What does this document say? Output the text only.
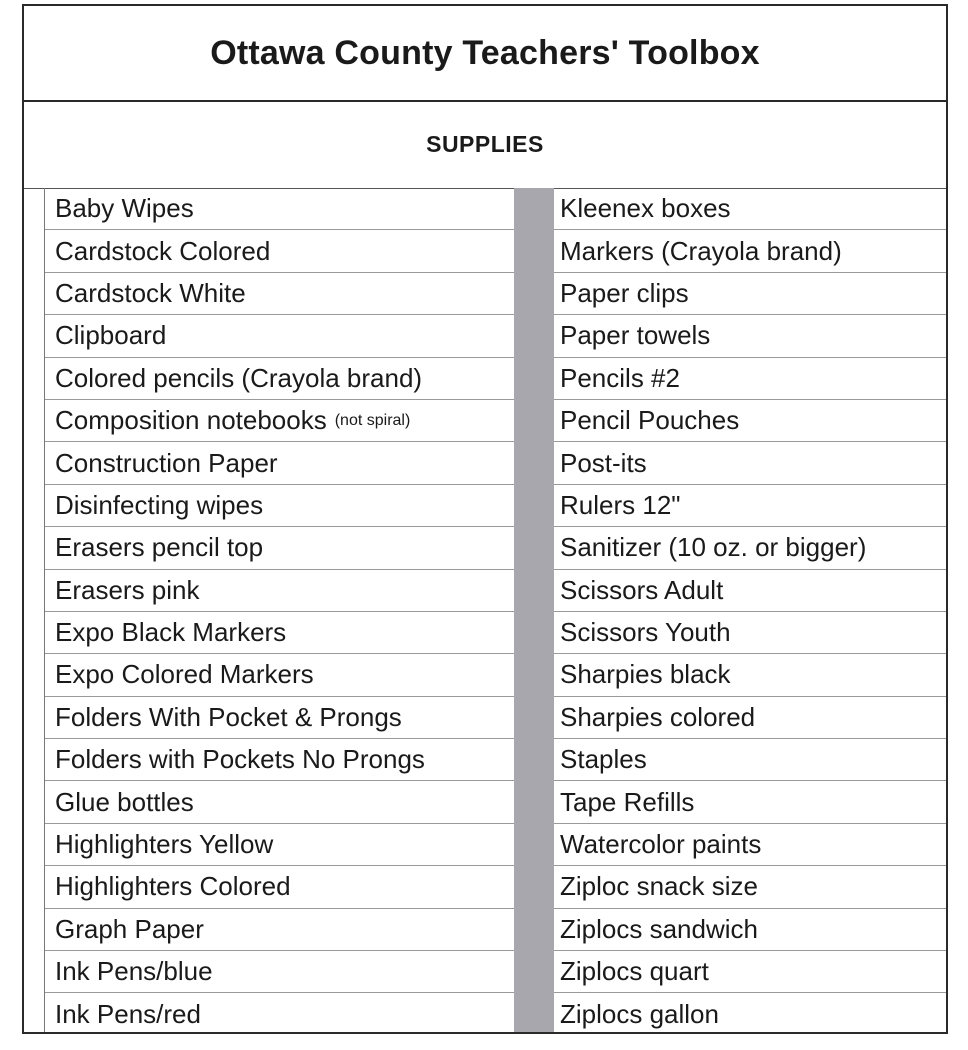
Ottawa County Teachers' Toolbox
SUPPLIES
Baby Wipes
Cardstock Colored
Cardstock White
Clipboard
Colored pencils (Crayola brand)
Composition notebooks (not spiral)
Construction Paper
Disinfecting wipes
Erasers pencil top
Erasers pink
Expo Black Markers
Expo Colored Markers
Folders With Pocket & Prongs
Folders with Pockets No Prongs
Glue bottles
Highlighters Yellow
Highlighters Colored
Graph Paper
Ink Pens/blue
Ink Pens/red
Kleenex boxes
Markers (Crayola brand)
Paper clips
Paper towels
Pencils #2
Pencil Pouches
Post-its
Rulers 12"
Sanitizer (10 oz. or bigger)
Scissors Adult
Scissors Youth
Sharpies black
Sharpies colored
Staples
Tape Refills
Watercolor paints
Ziploc snack size
Ziplocs sandwich
Ziplocs quart
Ziplocs gallon
